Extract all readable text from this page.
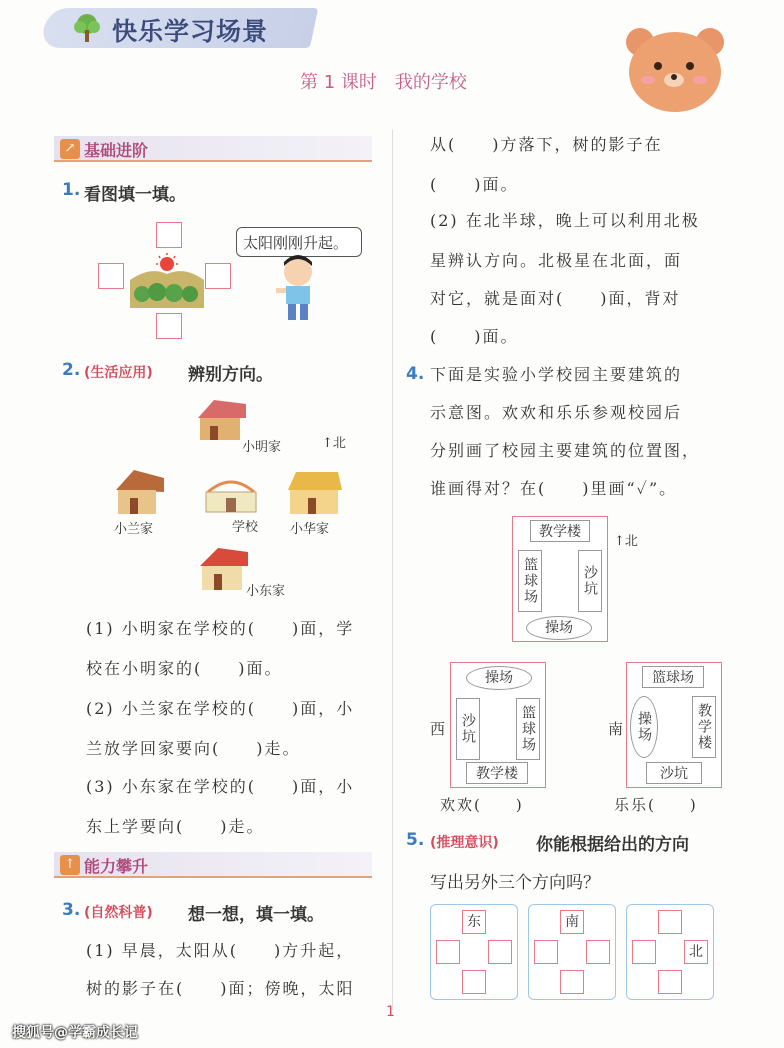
快乐学习场景
第 1 课时　我的学校
↗ 基础进阶
1. 看图填一填。
太阳刚刚升起。
2. (生活应用) 辨别方向。
小明家	↑北
小兰家	学校 小华家
小东家
(1) 小明家在学校的(　　)面，学
校在小明家的(　　)面。
(2) 小兰家在学校的(　　)面，小
兰放学回家要向(　　)走。
(3) 小东家在学校的(　　)面，小
东上学要向(　　)走。
↑ 能力攀升
3. (自然科普) 想一想，填一填。
(1) 早晨，太阳从(　　)方升起，
树的影子在(　　)面；傍晚，太阳
从(　　)方落下，树的影子在
(　　)面。
(2) 在北半球，晚上可以利用北极
星辨认方向。北极星在北面，面
对它，就是面对(　　)面，背对
(　　)面。
4. 下面是实验小学校园主要建筑的
示意图。欢欢和乐乐参观校园后
分别画了校园主要建筑的位置图，
谁画得对？在(　　)里画“✓”。
教学楼
篮球场	沙坑
操场
↑北
西
操场
沙坑	篮球场
教学楼
欢欢(　　)
南
篮球场
操场	教学楼
沙坑
乐乐(　　)
5. (推理意识) 你能根据给出的方向
写出另外三个方向吗？
东	南
北
1
搜狐号@学霸成长记
